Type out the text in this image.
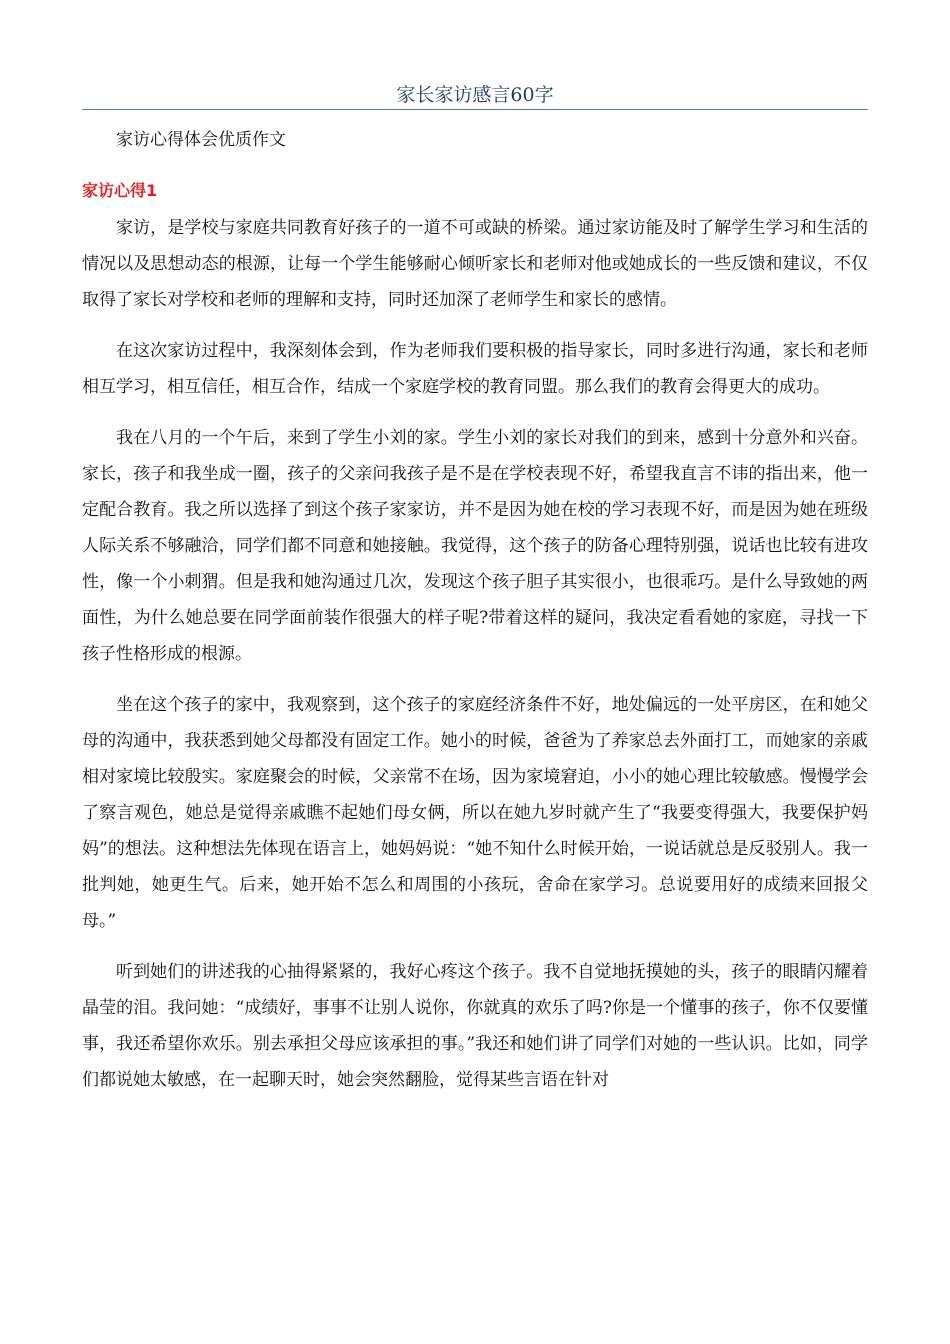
家长家访感言60字
家访心得体会优质作文
家访心得1

家访，是学校与家庭共同教育好孩子的一道不可或缺的桥梁。通过家访能及时了解学生学习和生活的情况以及思想动态的根源，让每一个学生能够耐心倾听家长和老师对他或她成长的一些反馈和建议，不仅取得了家长对学校和老师的理解和支持，同时还加深了老师学生和家长的感情。

在这次家访过程中，我深刻体会到，作为老师我们要积极的指导家长，同时多进行沟通，家长和老师相互学习，相互信任，相互合作，结成一个家庭学校的教育同盟。那么我们的教育会得更大的成功。

我在八月的一个午后，来到了学生小刘的家。学生小刘的家长对我们的到来，感到十分意外和兴奋。家长，孩子和我坐成一圈，孩子的父亲问我孩子是不是在学校表现不好，希望我直言不讳的指出来，他一定配合教育。我之所以选择了到这个孩子家家访，并不是因为她在校的学习表现不好，而是因为她在班级人际关系不够融洽，同学们都不同意和她接触。我觉得，这个孩子的防备心理特别强，说话也比较有进攻性，像一个小刺猬。但是我和她沟通过几次，发现这个孩子胆子其实很小，也很乖巧。是什么导致她的两面性，为什么她总要在同学面前装作很强大的样子呢?带着这样的疑问，我决定看看她的家庭，寻找一下孩子性格形成的根源。

坐在这个孩子的家中，我观察到，这个孩子的家庭经济条件不好，地处偏远的一处平房区，在和她父母的沟通中，我获悉到她父母都没有固定工作。她小的时候，爸爸为了养家总去外面打工，而她家的亲戚相对家境比较殷实。家庭聚会的时候，父亲常不在场，因为家境窘迫，小小的她心理比较敏感。慢慢学会了察言观色，她总是觉得亲戚瞧不起她们母女俩，所以在她九岁时就产生了“我要变得强大，我要保护妈妈”的想法。这种想法先体现在语言上，她妈妈说：“她不知什么时候开始，一说话就总是反驳别人。我一批判她，她更生气。后来，她开始不怎么和周围的小孩玩，舍命在家学习。总说要用好的成绩来回报父母。”

听到她们的讲述我的心抽得紧紧的，我好心疼这个孩子。我不自觉地抚摸她的头，孩子的眼睛闪耀着晶莹的泪。我问她：“成绩好，事事不让别人说你，你就真的欢乐了吗?你是一个懂事的孩子，你不仅要懂事，我还希望你欢乐。别去承担父母应该承担的事。”我还和她们讲了同学们对她的一些认识。比如，同学们都说她太敏感，在一起聊天时，她会突然翻脸，觉得某些言语在针对
